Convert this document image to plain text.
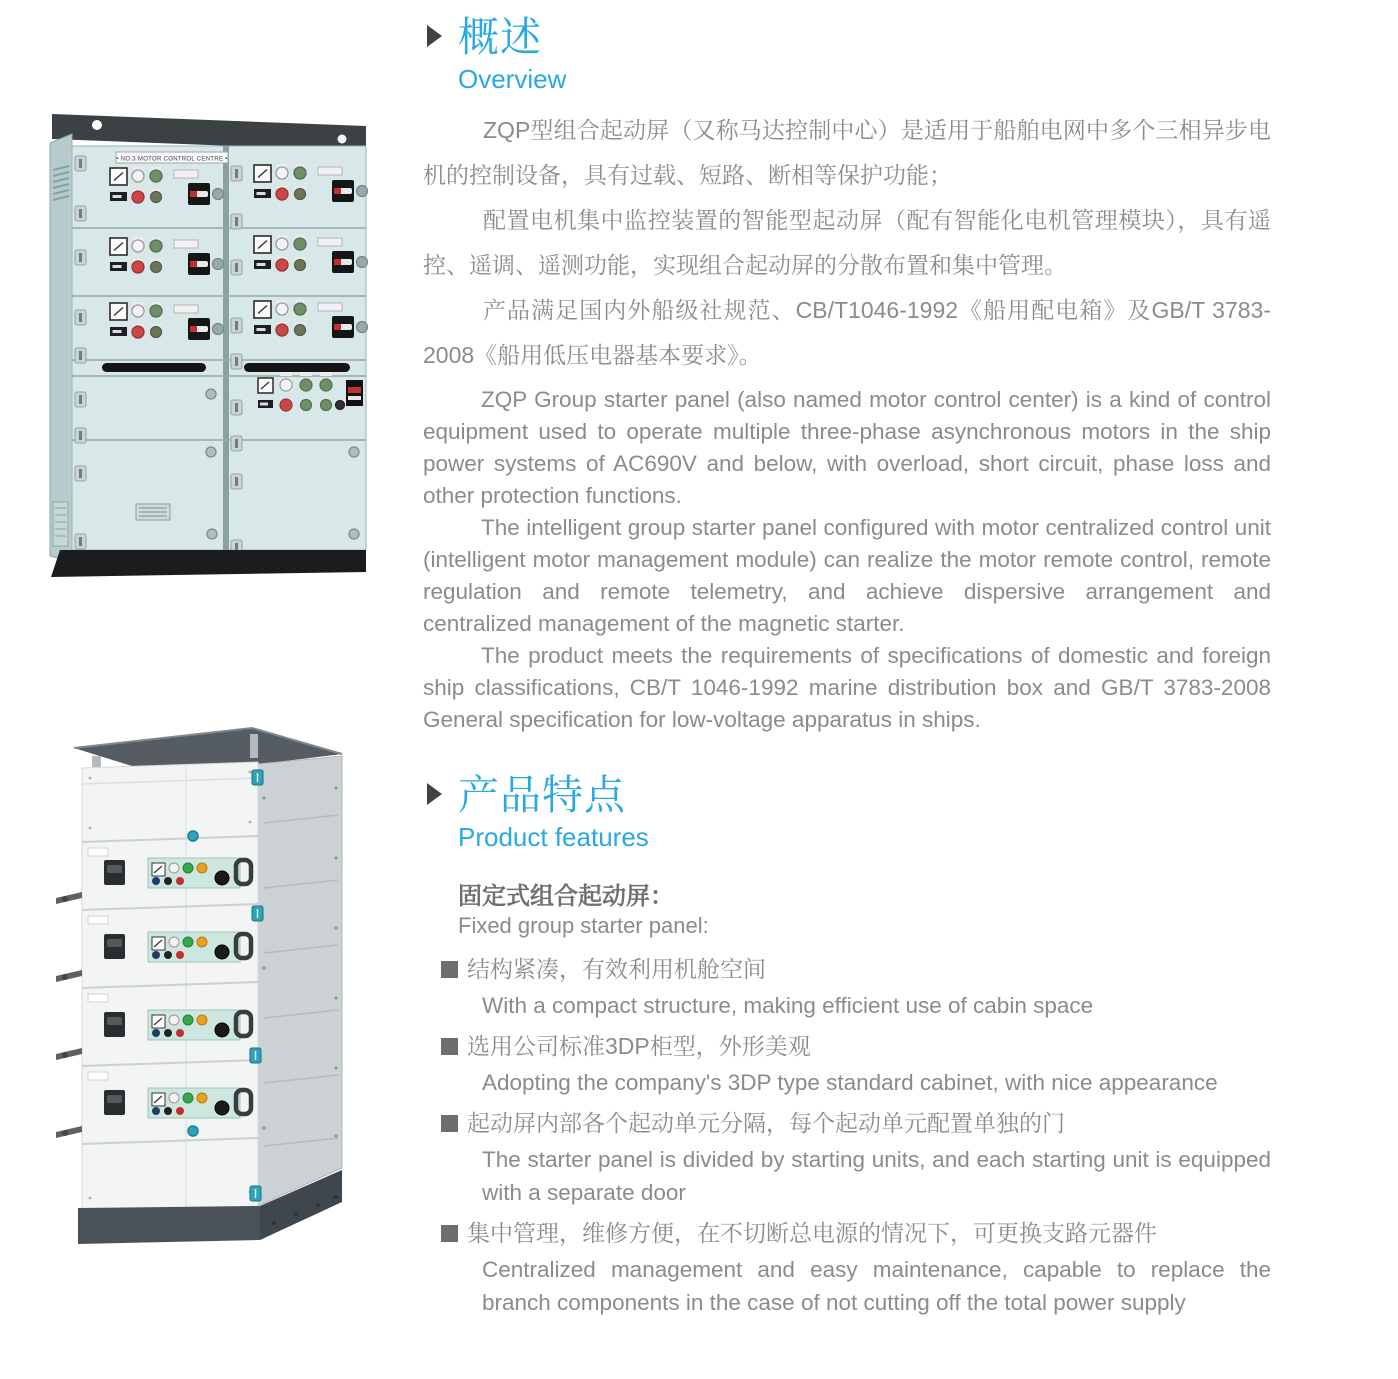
• NO.3 MOTOR CONTROL CENTRE •
概述
Overview

ZQP型组合起动屏（又称马达控制中心）是适用于船舶电网中多个三相异步电机的控制设备，具有过载、短路、断相等保护功能；

配置电机集中监控装置的智能型起动屏（配有智能化电机管理模块），具有遥控、遥调、遥测功能，实现组合起动屏的分散布置和集中管理。

产品满足国内外船级社规范、CB/T1046-1992《船用配电箱》及GB/T 3783-2008《船用低压电器基本要求》。

ZQP Group starter panel (also named motor control center) is a kind of control equipment used to operate multiple three-phase asynchronous motors in the ship power systems of AC690V and below, with overload, short circuit, phase loss and other protection functions.

The intelligent group starter panel configured with motor centralized control unit (intelligent motor management module) can realize the motor remote control, remote regulation and remote telemetry, and achieve dispersive arrangement and centralized management of the magnetic starter.

The product meets the requirements of specifications of domestic and foreign ship classifications, CB/T 1046-1992 marine distribution box and GB/T 3783-2008 General specification for low-voltage apparatus in ships.

产品特点
Product features
固定式组合起动屏：
Fixed group starter panel:
结构紧凑，有效利用机舱空间
With a compact structure, making efficient use of cabin space
选用公司标准3DP柜型，外形美观
Adopting the company's 3DP type standard cabinet, with nice appearance
起动屏内部各个起动单元分隔，每个起动单元配置单独的门
The starter panel is divided by starting units, and each starting unit is equipped with a separate door
集中管理，维修方便，在不切断总电源的情况下，可更换支路元器件
Centralized management and easy maintenance, capable to replace the branch components in the case of not cutting off the total power supply
